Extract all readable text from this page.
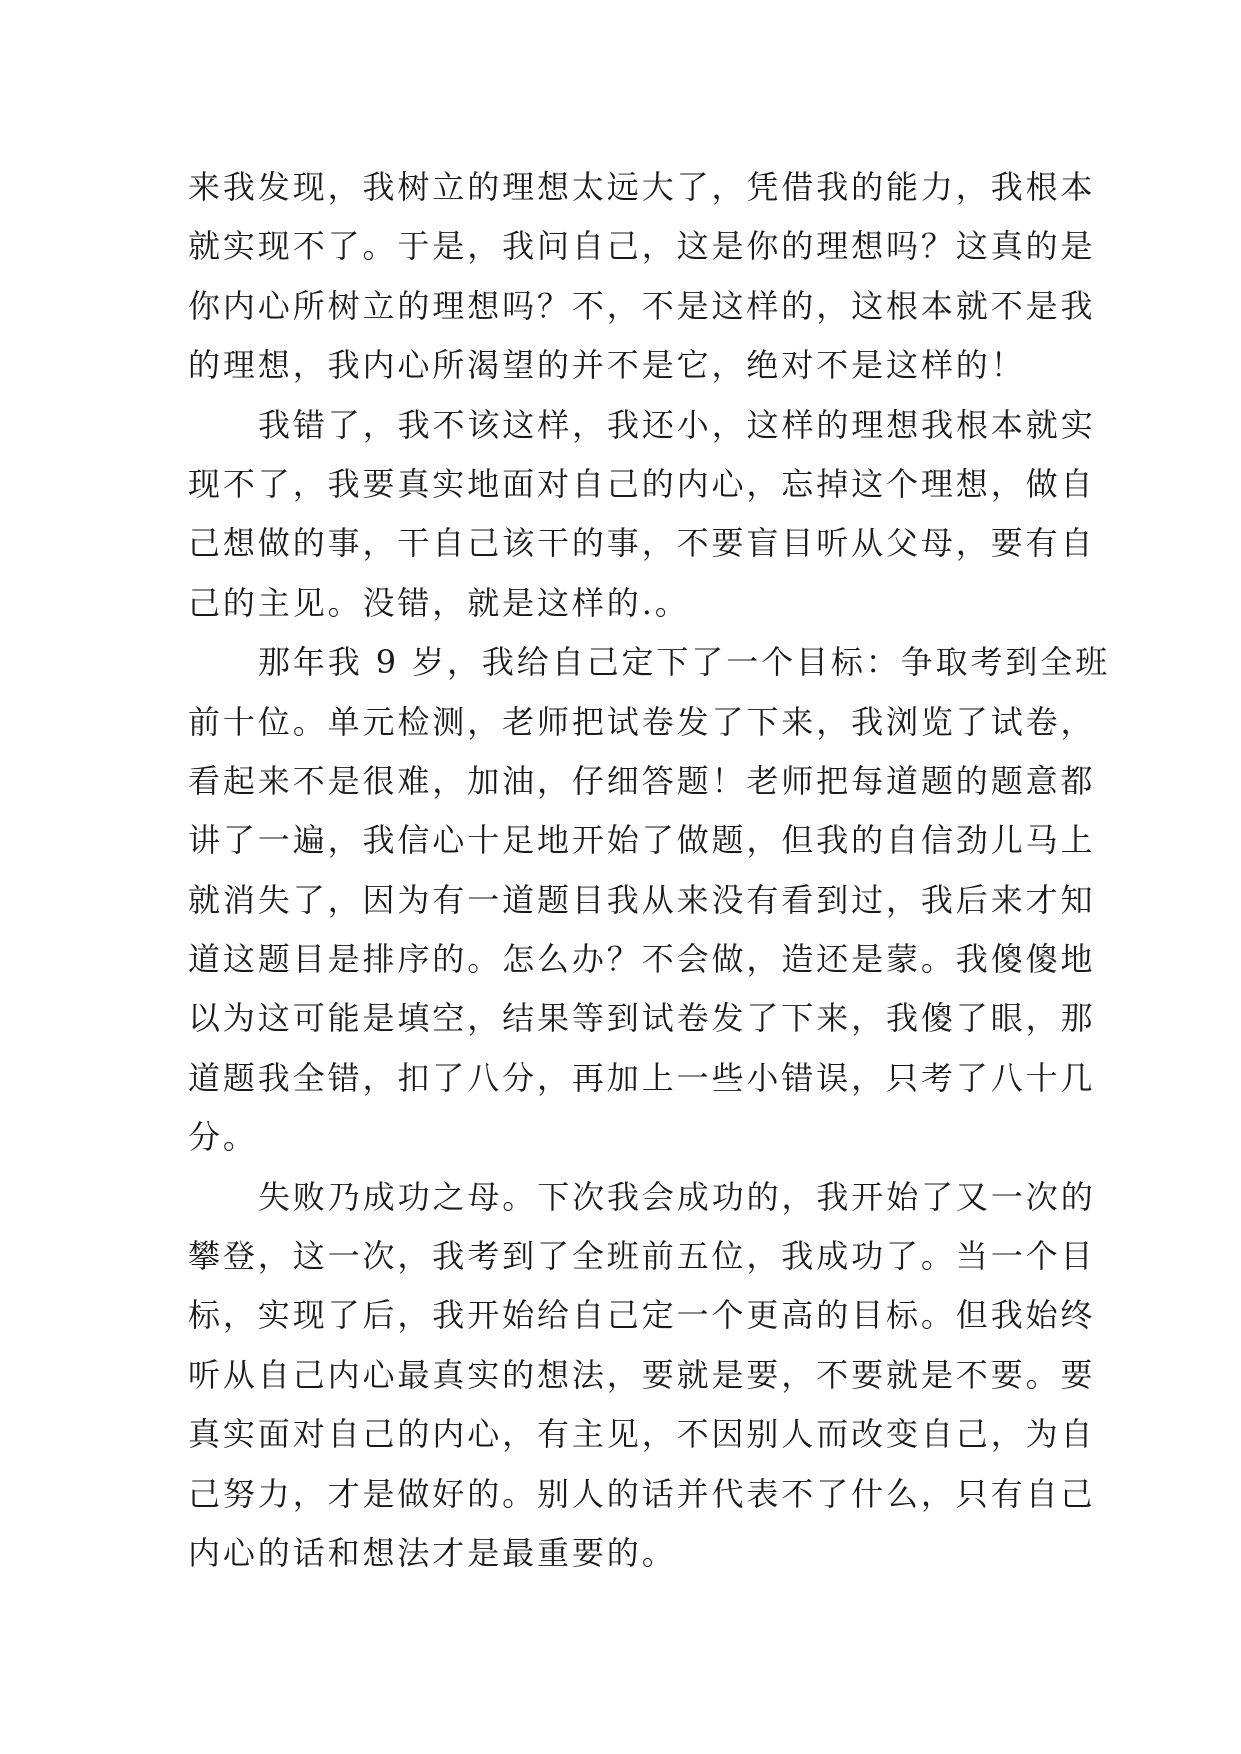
来我发现，我树立的理想太远大了，凭借我的能力，我根本
就实现不了。于是，我问自己，这是你的理想吗？这真的是
你内心所树立的理想吗？不，不是这样的，这根本就不是我
的理想，我内心所渴望的并不是它，绝对不是这样的！
我错了，我不该这样，我还小，这样的理想我根本就实
现不了，我要真实地面对自己的内心，忘掉这个理想，做自
己想做的事，干自己该干的事，不要盲目听从父母，要有自
己的主见。没错，就是这样的.。
那年我 9 岁，我给自己定下了一个目标：争取考到全班
前十位。单元检测，老师把试卷发了下来，我浏览了试卷，
看起来不是很难，加油，仔细答题！老师把每道题的题意都
讲了一遍，我信心十足地开始了做题，但我的自信劲儿马上
就消失了，因为有一道题目我从来没有看到过，我后来才知
道这题目是排序的。怎么办？不会做，造还是蒙。我傻傻地
以为这可能是填空，结果等到试卷发了下来，我傻了眼，那
道题我全错，扣了八分，再加上一些小错误，只考了八十几
分。
失败乃成功之母。下次我会成功的，我开始了又一次的
攀登，这一次，我考到了全班前五位，我成功了。当一个目
标，实现了后，我开始给自己定一个更高的目标。但我始终
听从自己内心最真实的想法，要就是要，不要就是不要。要
真实面对自己的内心，有主见，不因别人而改变自己，为自
己努力，才是做好的。别人的话并代表不了什么，只有自己
内心的话和想法才是最重要的。
